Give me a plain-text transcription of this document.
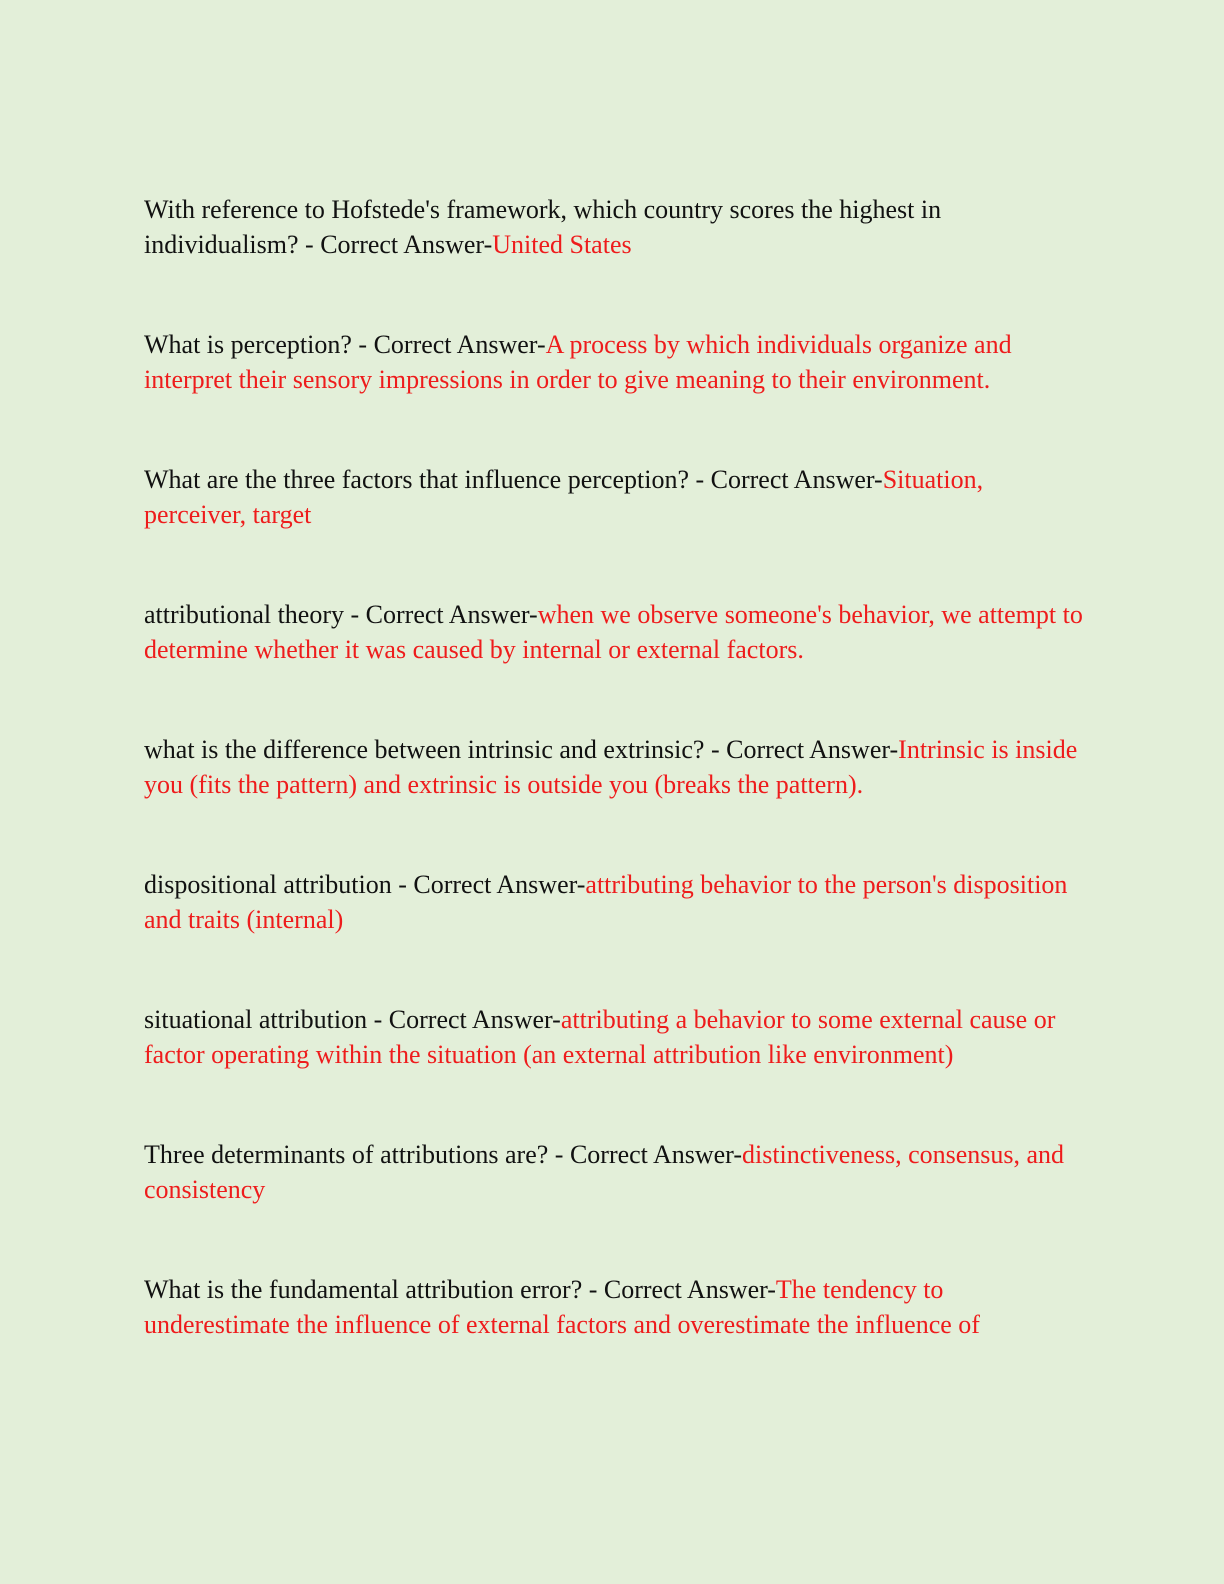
With reference to Hofstede's framework, which country scores the highest in individualism? - Correct Answer-United States

What is perception? - Correct Answer-A process by which individuals organize and interpret their sensory impressions in order to give meaning to their environment.

What are the three factors that influence perception? - Correct Answer-Situation, perceiver, target

attributional theory - Correct Answer-when we observe someone's behavior, we attempt to determine whether it was caused by internal or external factors.

what is the difference between intrinsic and extrinsic? - Correct Answer-Intrinsic is inside you (fits the pattern) and extrinsic is outside you (breaks the pattern).

dispositional attribution - Correct Answer-attributing behavior to the person's disposition and traits (internal)

situational attribution - Correct Answer-attributing a behavior to some external cause or factor operating within the situation (an external attribution like environment)

Three determinants of attributions are? - Correct Answer-distinctiveness, consensus, and consistency

What is the fundamental attribution error? - Correct Answer-The tendency to underestimate the influence of external factors and overestimate the influence of
